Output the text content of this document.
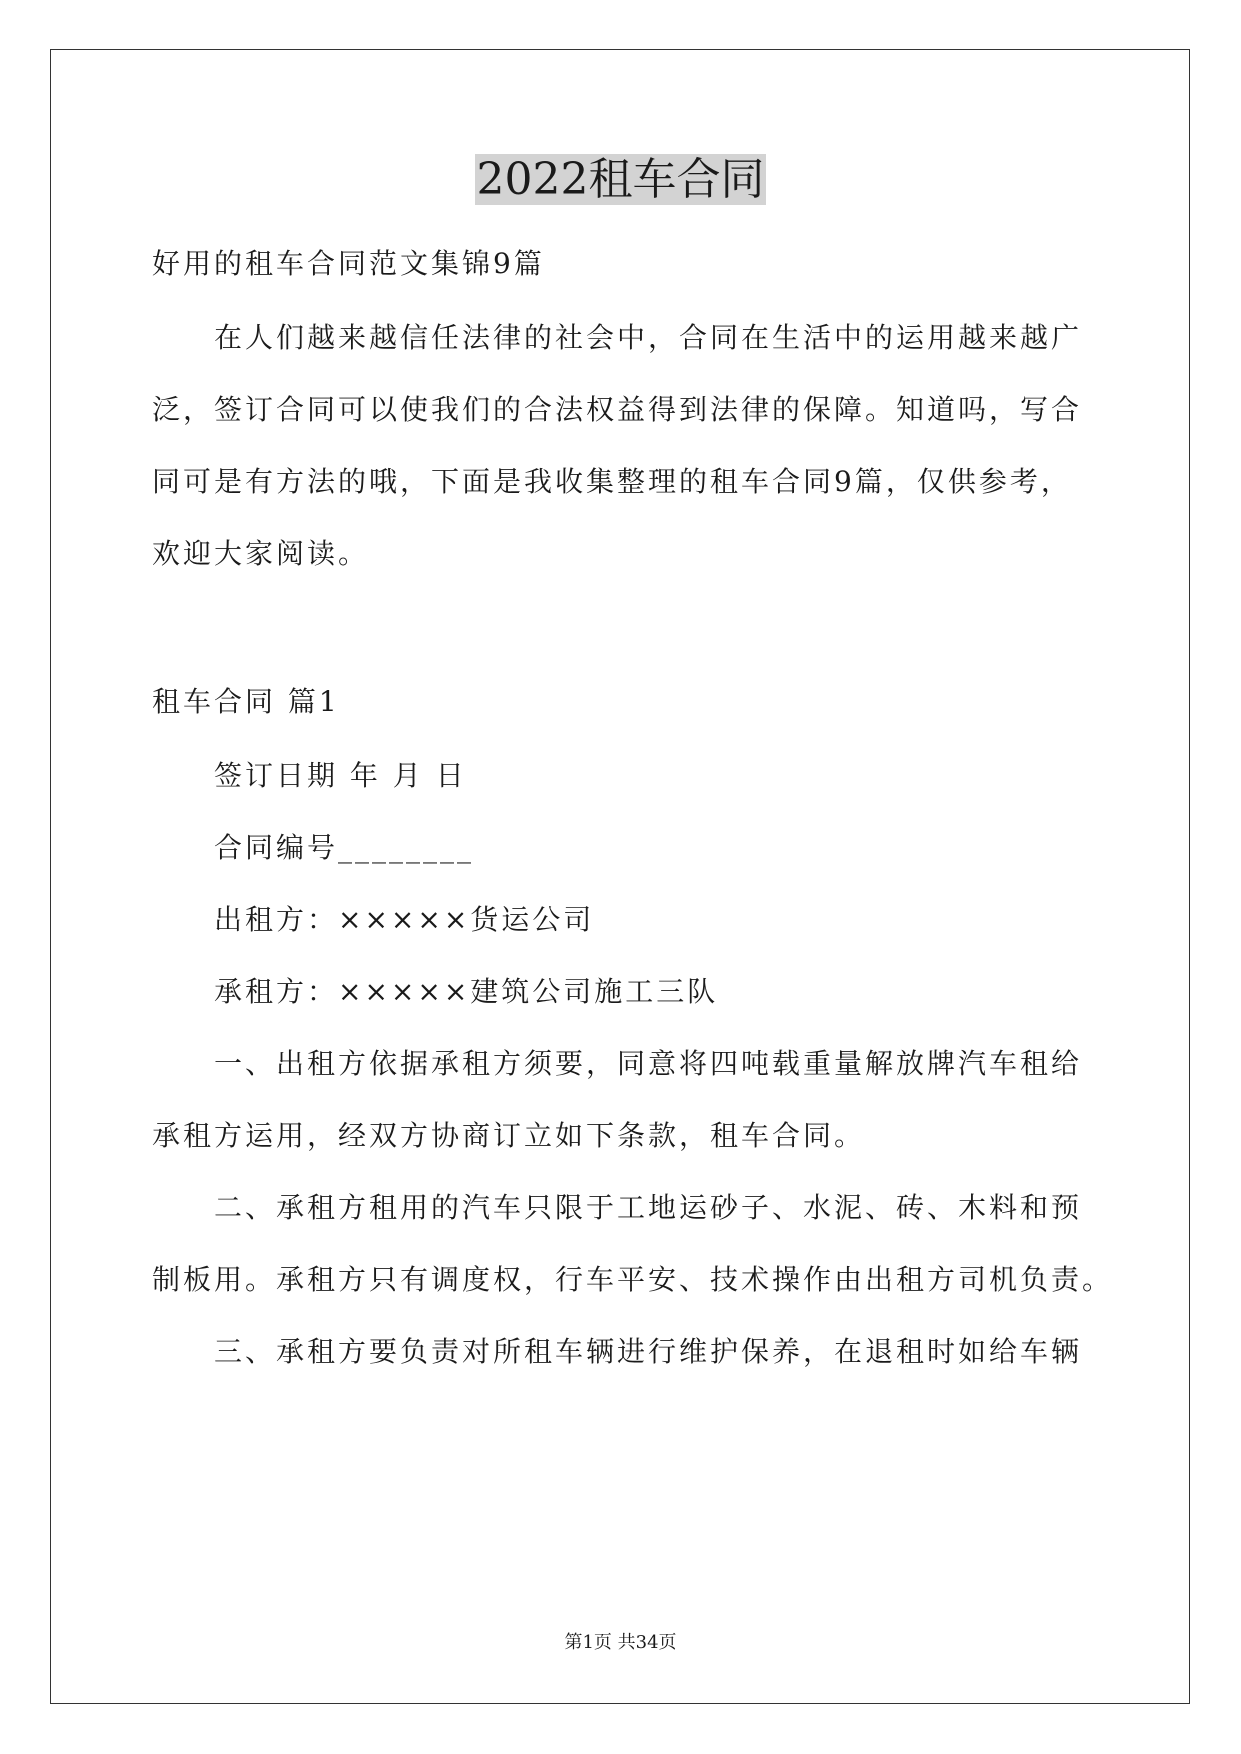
2022租车合同
好用的租车合同范文集锦9篇
在人们越来越信任法律的社会中，合同在生活中的运用越来越广
泛，签订合同可以使我们的合法权益得到法律的保障。知道吗，写合
同可是有方法的哦，下面是我收集整理的租车合同9篇，仅供参考，
欢迎大家阅读。
租车合同 篇1
签订日期 年 月 日
合同编号________
出租方：×××××货运公司
承租方：×××××建筑公司施工三队
一、出租方依据承租方须要，同意将四吨载重量解放牌汽车租给
承租方运用，经双方协商订立如下条款，租车合同。
二、承租方租用的汽车只限于工地运砂子、水泥、砖、木料和预
制板用。承租方只有调度权，行车平安、技术操作由出租方司机负责。
三、承租方要负责对所租车辆进行维护保养，在退租时如给车辆
第1页 共34页
